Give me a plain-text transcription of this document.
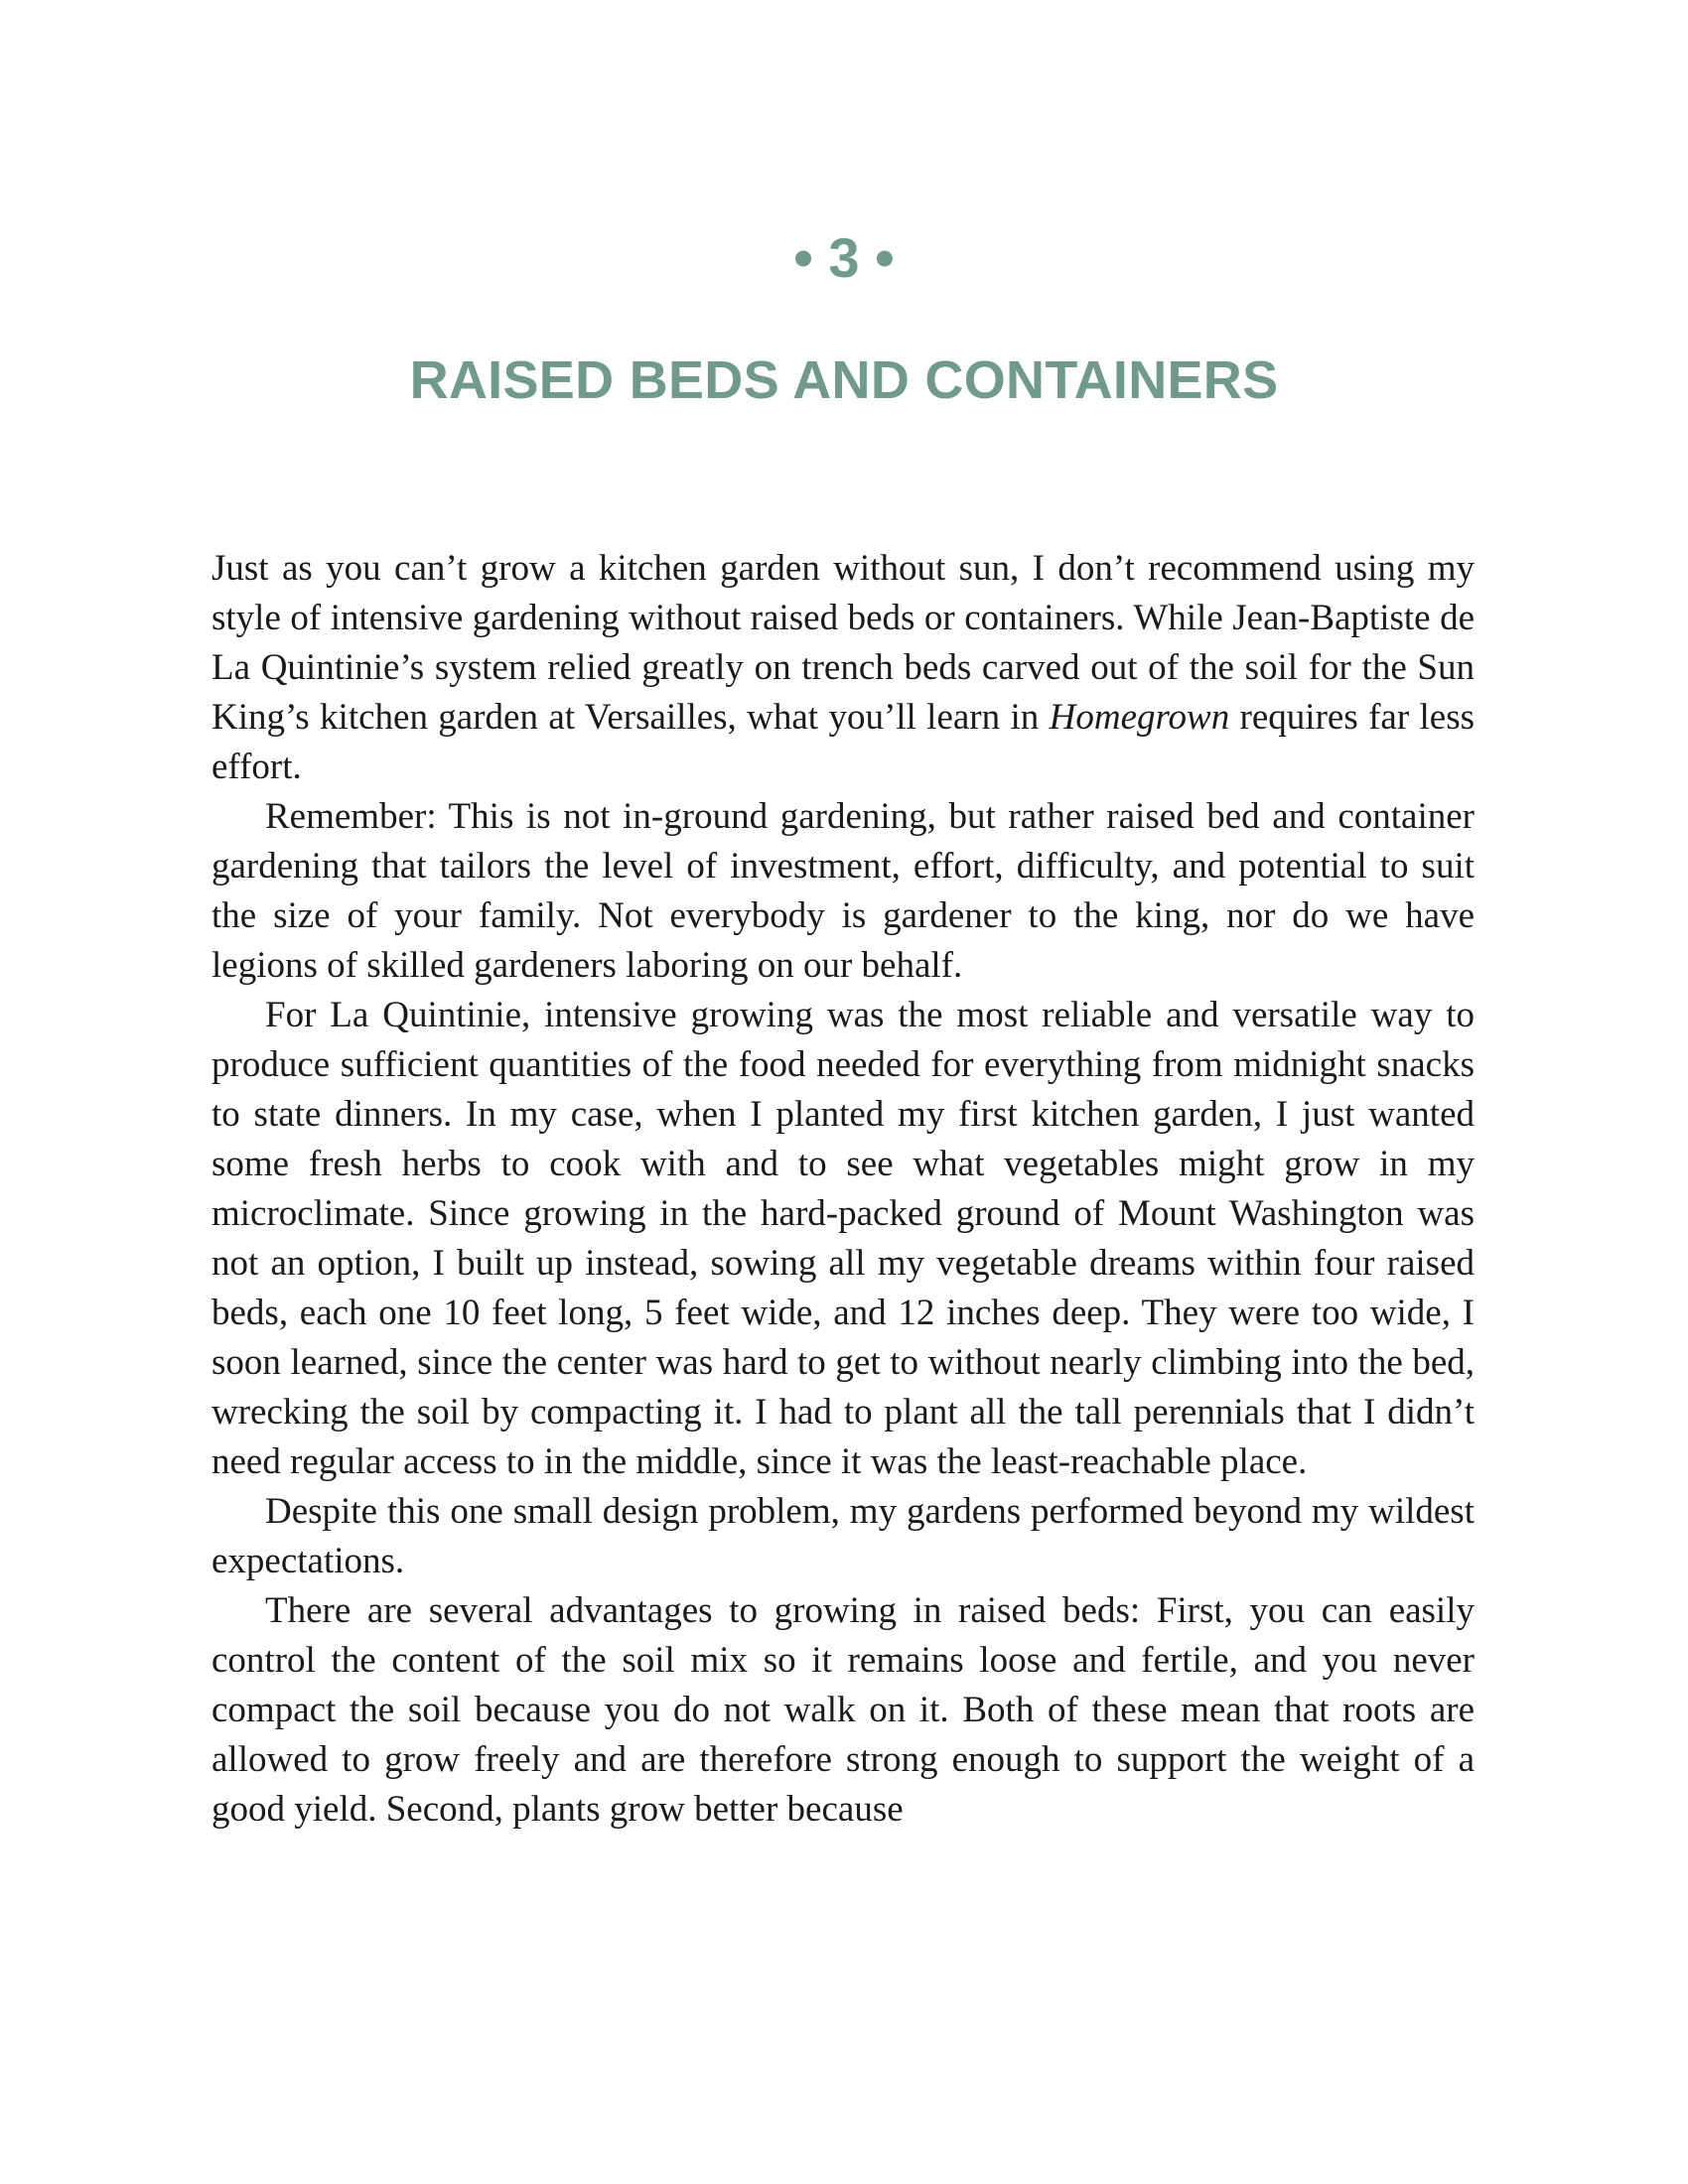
• 3 •
RAISED BEDS AND CONTAINERS

Just as you can’t grow a kitchen garden without sun, I don’t recommend using my style of intensive gardening without raised beds or containers. While Jean-Baptiste de La Quintinie’s system relied greatly on trench beds carved out of the soil for the Sun King’s kitchen garden at Versailles, what you’ll learn in Homegrown requires far less effort.

Remember: This is not in-ground gardening, but rather raised bed and container gardening that tailors the level of investment, effort, difficulty, and potential to suit the size of your family. Not everybody is gardener to the king, nor do we have legions of skilled gardeners laboring on our behalf.

For La Quintinie, intensive growing was the most reliable and versatile way to produce sufficient quantities of the food needed for everything from midnight snacks to state dinners. In my case, when I planted my first kitchen garden, I just wanted some fresh herbs to cook with and to see what vegetables might grow in my microclimate. Since growing in the hard-packed ground of Mount Washington was not an option, I built up instead, sowing all my vegetable dreams within four raised beds, each one 10 feet long, 5 feet wide, and 12 inches deep. They were too wide, I soon learned, since the center was hard to get to without nearly climbing into the bed, wrecking the soil by compacting it. I had to plant all the tall perennials that I didn’t need regular access to in the middle, since it was the least-reachable place.

Despite this one small design problem, my gardens performed beyond my wildest expectations.

There are several advantages to growing in raised beds: First, you can easily control the content of the soil mix so it remains loose and fertile, and you never compact the soil because you do not walk on it. Both of these mean that roots are allowed to grow freely and are therefore strong enough to support the weight of a good yield. Second, plants grow better because
